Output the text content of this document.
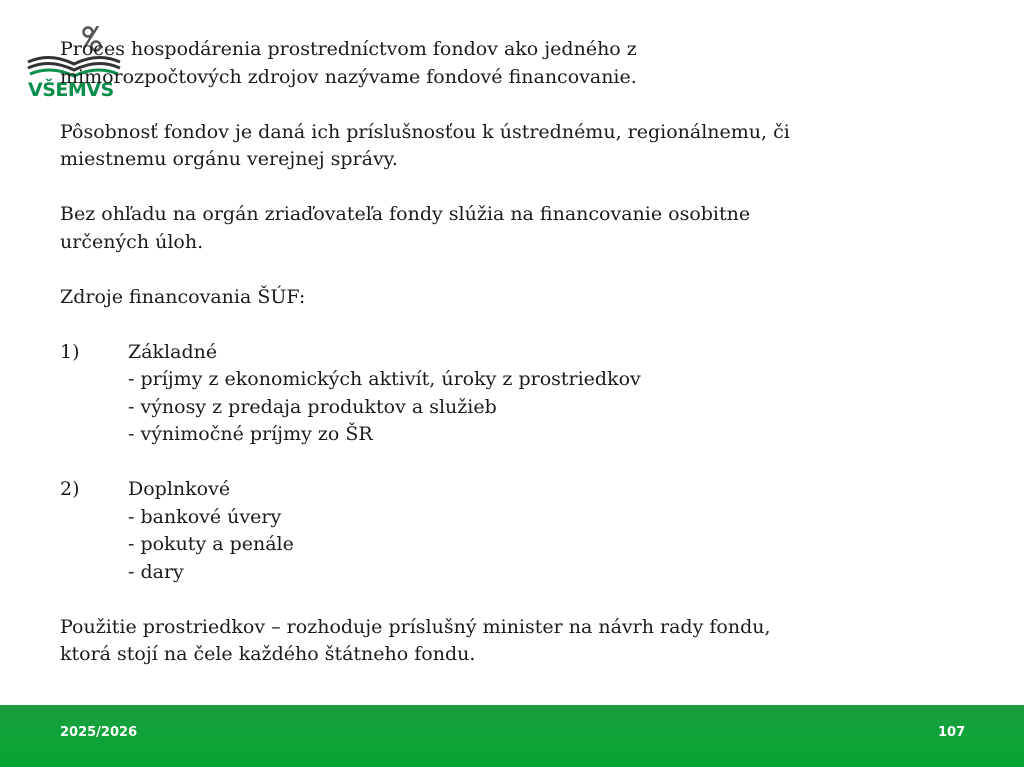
VŠEMVS

Proces hospodárenia prostredníctvom fondov ako jedného z

mimorozpočtových zdrojov nazývame fondové financovanie.

Pôsobnosť fondov je daná ich príslušnosťou k ústrednému, regionálnemu, či

miestnemu orgánu verejnej správy.

Bez ohľadu na orgán zriaďovateľa fondy slúžia na financovanie osobitne

určených úloh.

Zdroje financovania ŠÚF:

1)	Základné

- príjmy z ekonomických aktivít, úroky z prostriedkov

- výnosy z predaja produktov a služieb

- výnimočné príjmy zo ŠR

2)	Doplnkové

- bankové úvery

- pokuty a penále

- dary

Použitie prostriedkov – rozhoduje príslušný minister na návrh rady fondu,

ktorá stojí na čele každého štátneho fondu.

2025/2026	107
